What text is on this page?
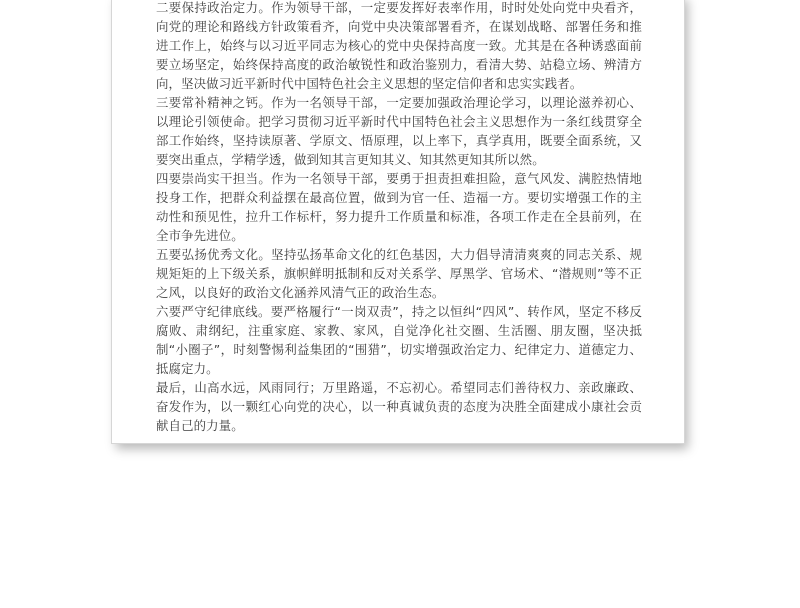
二要保持政治定力。作为领导干部，一定要发挥好表率作用，时时处处向党中央看齐，向党的理论和路线方针政策看齐，向党中央决策部署看齐，在谋划战略、部署任务和推进工作上，始终与以习近平同志为核心的党中央保持高度一致。尤其是在各种诱惑面前要立场坚定，始终保持高度的政治敏锐性和政治鉴别力，看清大势、站稳立场、辨清方向，坚决做习近平新时代中国特色社会主义思想的坚定信仰者和忠实实践者。

三要常补精神之钙。作为一名领导干部，一定要加强政治理论学习，以理论滋养初心、以理论引领使命。把学习贯彻习近平新时代中国特色社会主义思想作为一条红线贯穿全部工作始终，坚持读原著、学原文、悟原理，以上率下，真学真用，既要全面系统，又要突出重点，学精学透，做到知其言更知其义、知其然更知其所以然。

四要崇尚实干担当。作为一名领导干部，要勇于担责担难担险，意气风发、满腔热情地投身工作，把群众利益摆在最高位置，做到为官一任、造福一方。要切实增强工作的主动性和预见性，拉升工作标杆，努力提升工作质量和标准，各项工作走在全县前列，在全市争先进位。

五要弘扬优秀文化。坚持弘扬革命文化的红色基因，大力倡导清清爽爽的同志关系、规规矩矩的上下级关系，旗帜鲜明抵制和反对关系学、厚黑学、官场术、“潜规则”等不正之风，以良好的政治文化涵养风清气正的政治生态。

六要严守纪律底线。要严格履行“一岗双责”，持之以恒纠“四风”、转作风，坚定不移反腐败、肃纲纪，注重家庭、家教、家风，自觉净化社交圈、生活圈、朋友圈，坚决抵制“小圈子”，时刻警惕利益集团的“围猎”，切实增强政治定力、纪律定力、道德定力、抵腐定力。

最后，山高水远，风雨同行；万里路遥，不忘初心。希望同志们善待权力、亲政廉政、奋发作为，以一颗红心向党的决心，以一种真诚负责的态度为决胜全面建成小康社会贡献自己的力量。
